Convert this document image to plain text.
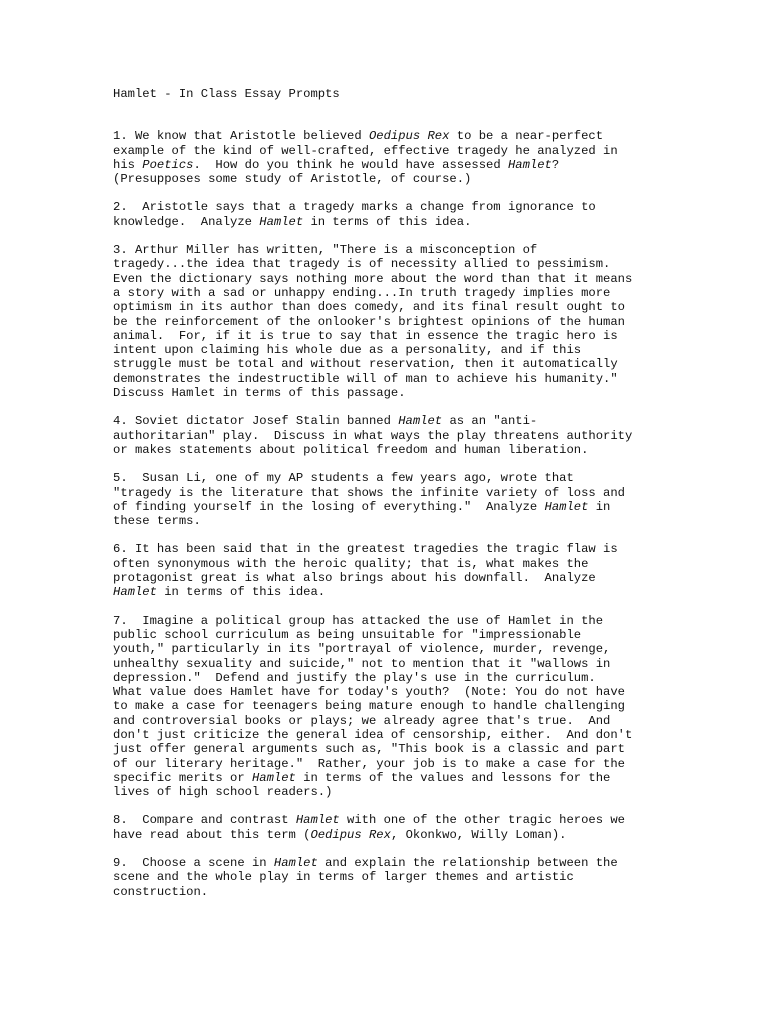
Hamlet - In Class Essay Prompts
1. We know that Aristotle believed Oedipus Rex to be a near-perfect
example of the kind of well-crafted, effective tragedy he analyzed in
his Poetics.  How do you think he would have assessed Hamlet?
(Presupposes some study of Aristotle, of course.)
2.  Aristotle says that a tragedy marks a change from ignorance to
knowledge.  Analyze Hamlet in terms of this idea.
3. Arthur Miller has written, "There is a misconception of
tragedy...the idea that tragedy is of necessity allied to pessimism.
Even the dictionary says nothing more about the word than that it means
a story with a sad or unhappy ending...In truth tragedy implies more
optimism in its author than does comedy, and its final result ought to
be the reinforcement of the onlooker's brightest opinions of the human
animal.  For, if it is true to say that in essence the tragic hero is
intent upon claiming his whole due as a personality, and if this
struggle must be total and without reservation, then it automatically
demonstrates the indestructible will of man to achieve his humanity."
Discuss Hamlet in terms of this passage.
4. Soviet dictator Josef Stalin banned Hamlet as an "anti-
authoritarian" play.  Discuss in what ways the play threatens authority
or makes statements about political freedom and human liberation.
5.  Susan Li, one of my AP students a few years ago, wrote that
"tragedy is the literature that shows the infinite variety of loss and
of finding yourself in the losing of everything."  Analyze Hamlet in
these terms.
6. It has been said that in the greatest tragedies the tragic flaw is
often synonymous with the heroic quality; that is, what makes the
protagonist great is what also brings about his downfall.  Analyze
Hamlet in terms of this idea.
7.  Imagine a political group has attacked the use of Hamlet in the
public school curriculum as being unsuitable for "impressionable
youth," particularly in its "portrayal of violence, murder, revenge,
unhealthy sexuality and suicide," not to mention that it "wallows in
depression."  Defend and justify the play's use in the curriculum.
What value does Hamlet have for today's youth?  (Note: You do not have
to make a case for teenagers being mature enough to handle challenging
and controversial books or plays; we already agree that's true.  And
don't just criticize the general idea of censorship, either.  And don't
just offer general arguments such as, "This book is a classic and part
of our literary heritage."  Rather, your job is to make a case for the
specific merits or Hamlet in terms of the values and lessons for the
lives of high school readers.)
8.  Compare and contrast Hamlet with one of the other tragic heroes we
have read about this term (Oedipus Rex, Okonkwo, Willy Loman).
9.  Choose a scene in Hamlet and explain the relationship between the
scene and the whole play in terms of larger themes and artistic
construction.
